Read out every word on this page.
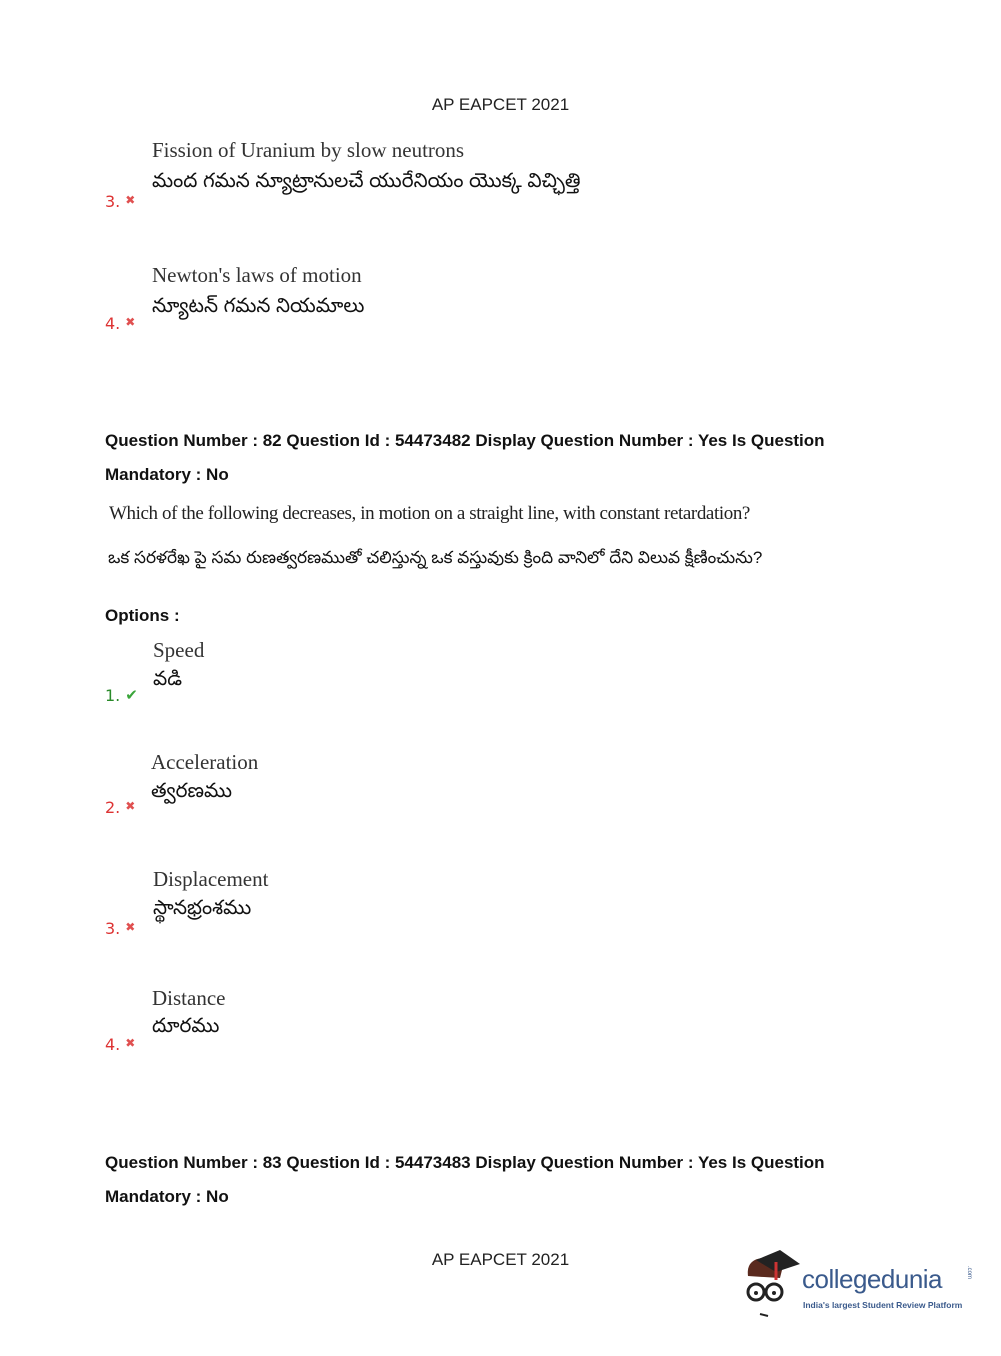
AP EAPCET 2021
Fission of Uranium by slow neutrons
మంద గమన న్యూట్రానులచే యురేనియం యొక్క విచ్ఛిత్తి
3. ✖
Newton's laws of motion
న్యూటన్ గమన నియమాలు
4. ✖
Question Number : 82 Question Id : 54473482 Display Question Number : Yes Is Question
Mandatory : No
Which of the following decreases, in motion on a straight line, with constant retardation?
ఒక సరళరేఖ పై సమ రుణత్వరణముతో చలిస్తున్న ఒక వస్తువుకు క్రింది వానిలో దేని విలువ క్షీణించును?
Options :
Speed
వడి
1. ✔
Acceleration
త్వరణము
2. ✖
Displacement
స్థానభ్రంశము
3. ✖
Distance
దూరము
4. ✖
Question Number : 83 Question Id : 54473483 Display Question Number : Yes Is Question
Mandatory : No
AP EAPCET 2021
collegedunia	.com
India's largest Student Review Platform
